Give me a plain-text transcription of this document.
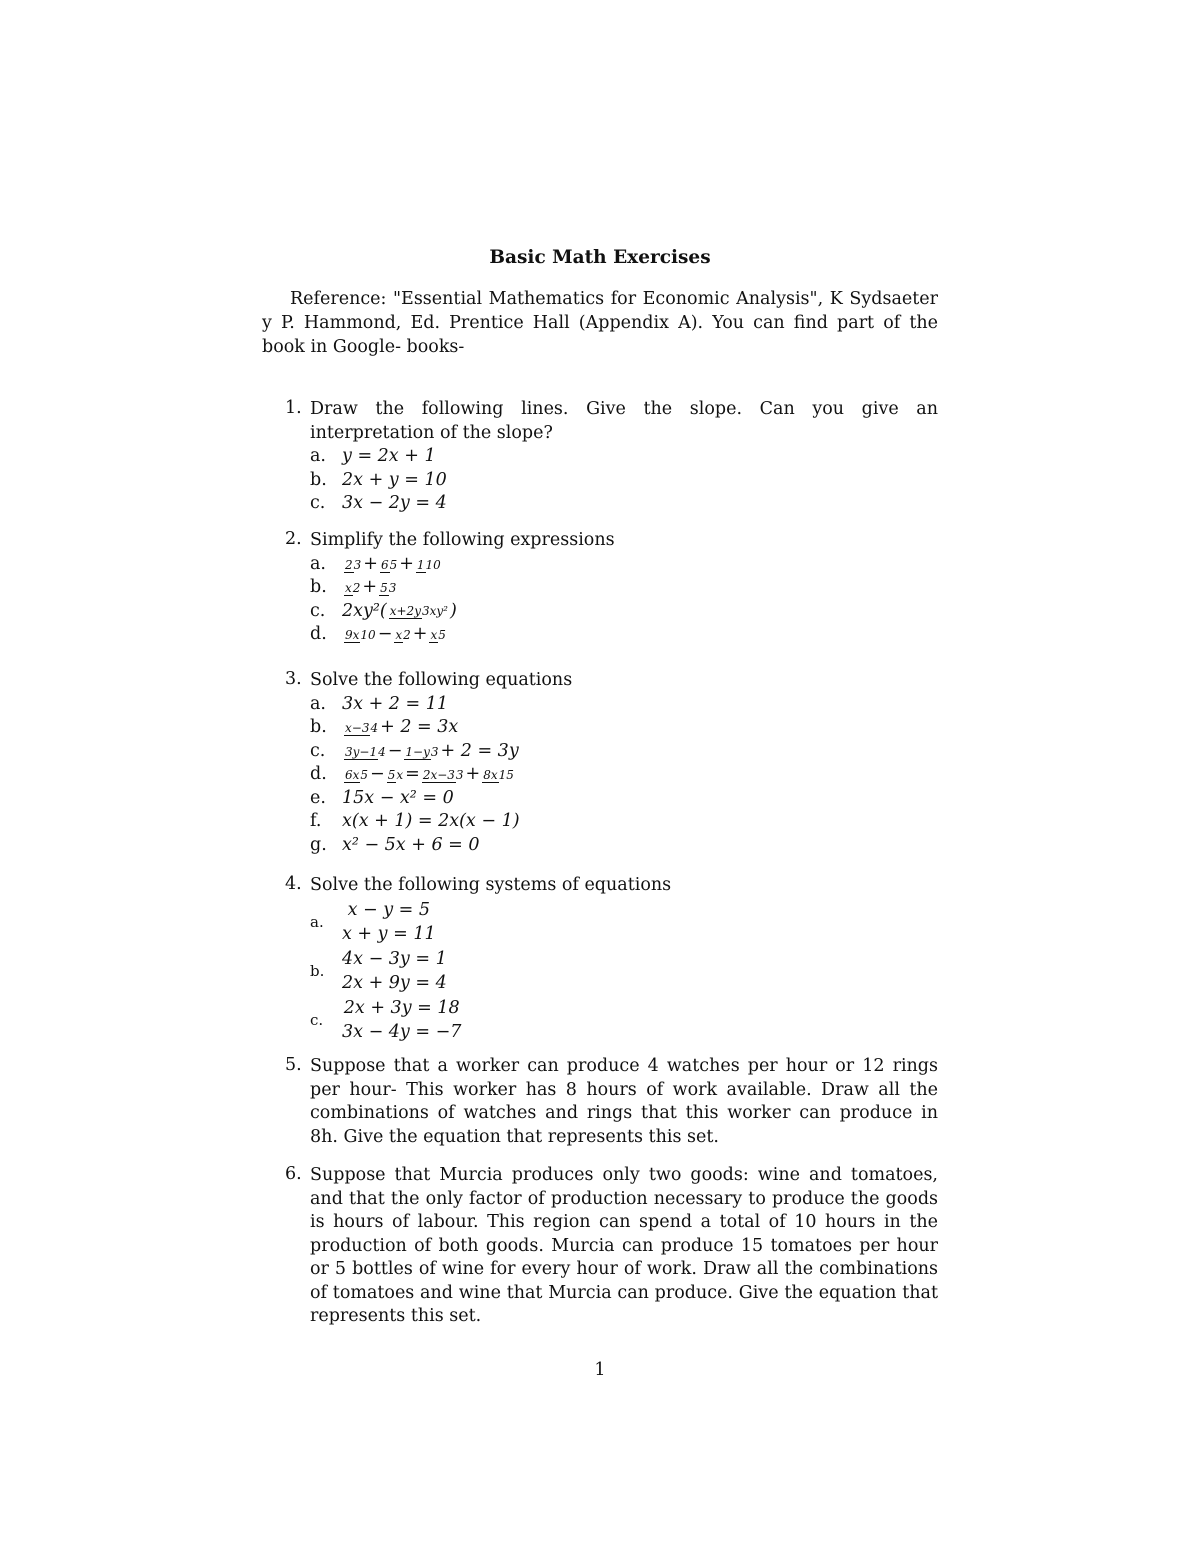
Basic Math Exercises
Reference: "Essential Mathematics for Economic Analysis", K Sydsaeter y P. Hammond, Ed. Prentice Hall (Appendix A). You can find part of the book in Google- books-
1. Draw the following lines. Give the slope. Can you give an interpretation of the slope?
a. y = 2x + 1
b. 2x + y = 10
c. 3x − 2y = 4
2. Simplify the following expressions
a. 23 + 65 + 110
b. x2 + 53
c. 2xy²( x+2y3xy² )
d. 9x10 − x2 + x5
3. Solve the following equations
a. 3x + 2 = 11
b. x−34 + 2 = 3x
c. 3y−14 − 1−y3 + 2 = 3y
d. 6x5 − 5x = 2x−33 + 8x15
e. 15x − x² = 0
f. x(x + 1) = 2x(x − 1)
g. x² − 5x + 6 = 0
4. Solve the following systems of equations
a.
x − y = 5
x + y = 11
b.
4x − 3y = 1
2x + 9y = 4
c.
2x + 3y = 18
3x − 4y = −7
5. Suppose that a worker can produce 4 watches per hour or 12 rings per hour- This worker has 8 hours of work available. Draw all the combinations of watches and rings that this worker can produce in 8h. Give the equation that represents this set.
6. Suppose that Murcia produces only two goods: wine and tomatoes, and that the only factor of production necessary to produce the goods is hours of labour. This region can spend a total of 10 hours in the production of both goods. Murcia can produce 15 tomatoes per hour or 5 bottles of wine for every hour of work. Draw all the combinations of tomatoes and wine that Murcia can produce. Give the equation that represents this set.
1
